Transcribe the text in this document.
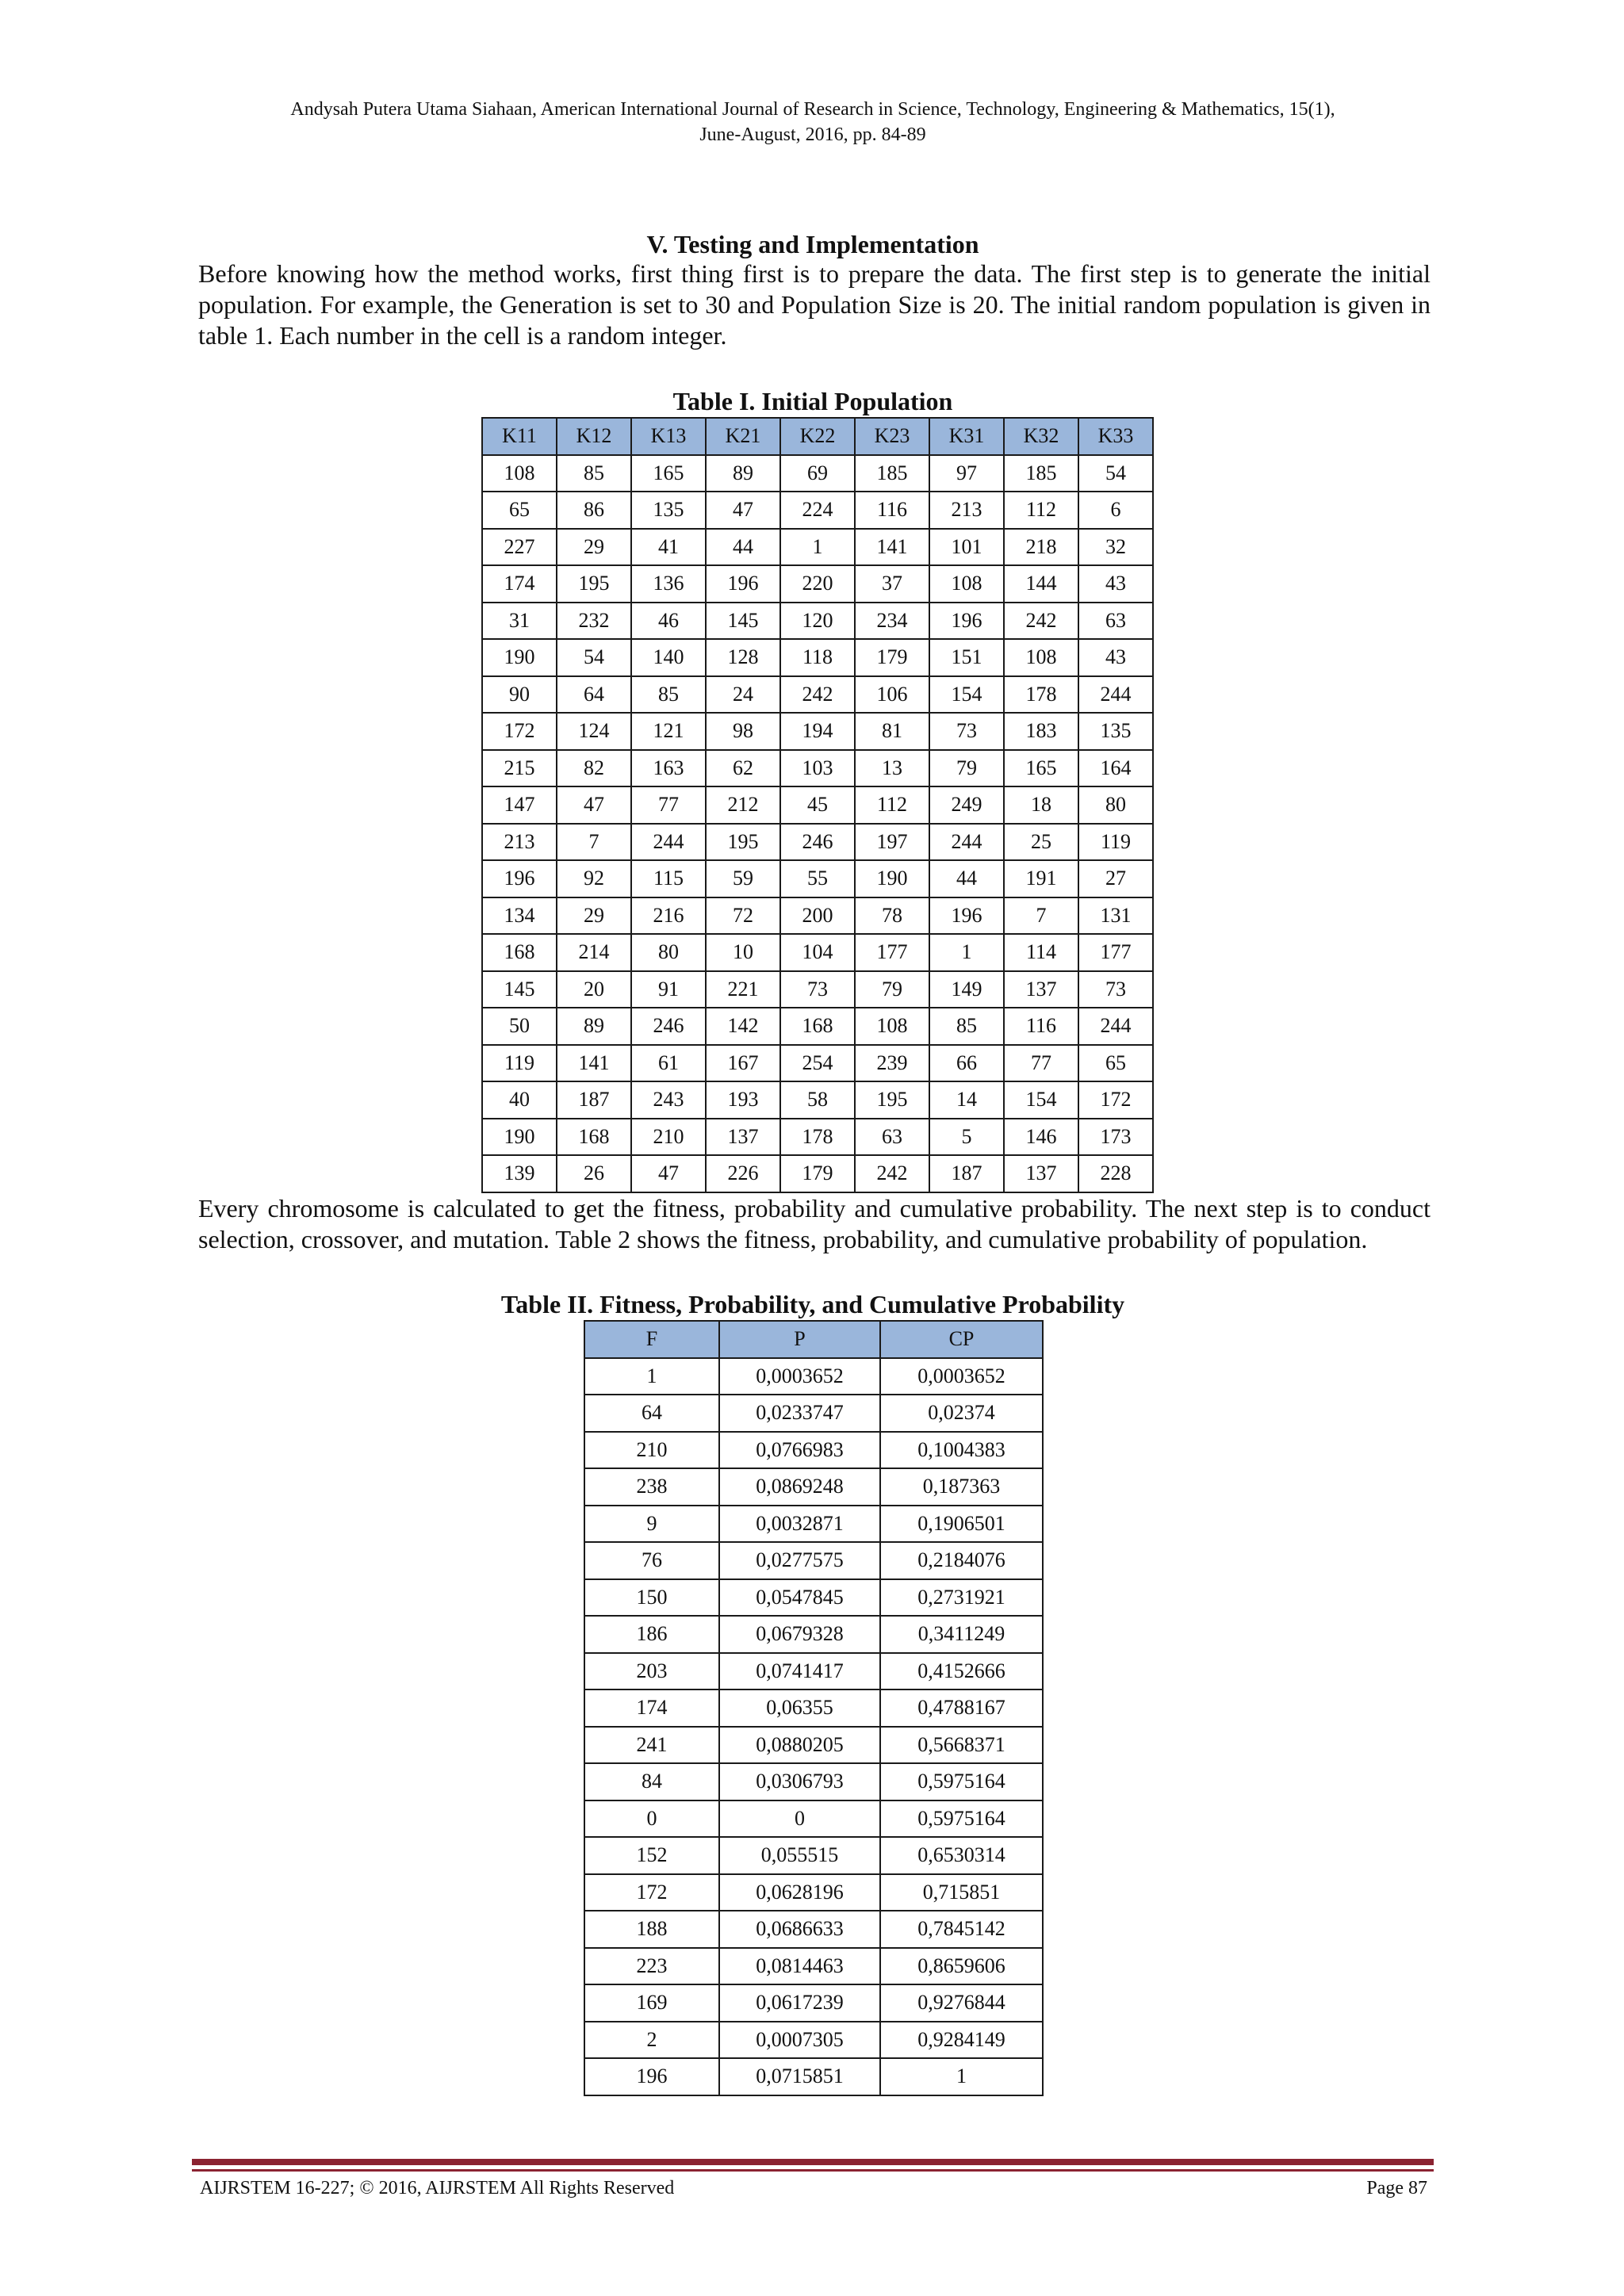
Andysah Putera Utama Siahaan, American International Journal of Research in Science, Technology, Engineering & Mathematics, 15(1),
June-August, 2016, pp. 84-89
V. Testing and Implementation
Before knowing how the method works, first thing first is to prepare the data. The first step is to generate the initial population. For example, the Generation is set to 30 and Population Size is 20. The initial random population is given in table 1. Each number in the cell is a random integer.
Table I. Initial Population
K11	K12	K13	K21	K22	K23	K31	K32	K33
108	85	165	89	69	185	97	185	54
65	86	135	47	224	116	213	112	6
227	29	41	44	1	141	101	218	32
174	195	136	196	220	37	108	144	43
31	232	46	145	120	234	196	242	63
190	54	140	128	118	179	151	108	43
90	64	85	24	242	106	154	178	244
172	124	121	98	194	81	73	183	135
215	82	163	62	103	13	79	165	164
147	47	77	212	45	112	249	18	80
213	7	244	195	246	197	244	25	119
196	92	115	59	55	190	44	191	27
134	29	216	72	200	78	196	7	131
168	214	80	10	104	177	1	114	177
145	20	91	221	73	79	149	137	73
50	89	246	142	168	108	85	116	244
119	141	61	167	254	239	66	77	65
40	187	243	193	58	195	14	154	172
190	168	210	137	178	63	5	146	173
139	26	47	226	179	242	187	137	228
Every chromosome is calculated to get the fitness, probability and cumulative probability. The next step is to conduct selection, crossover, and mutation. Table 2 shows the fitness, probability, and cumulative probability of population.
Table II. Fitness, Probability, and Cumulative Probability
F	P	CP
1	0,0003652	0,0003652
64	0,0233747	0,02374
210	0,0766983	0,1004383
238	0,0869248	0,187363
9	0,0032871	0,1906501
76	0,0277575	0,2184076
150	0,0547845	0,2731921
186	0,0679328	0,3411249
203	0,0741417	0,4152666
174	0,06355	0,4788167
241	0,0880205	0,5668371
84	0,0306793	0,5975164
0	0	0,5975164
152	0,055515	0,6530314
172	0,0628196	0,715851
188	0,0686633	0,7845142
223	0,0814463	0,8659606
169	0,0617239	0,9276844
2	0,0007305	0,9284149
196	0,0715851	1
AIJRSTEM 16-227; © 2016, AIJRSTEM All Rights Reserved	Page 87
